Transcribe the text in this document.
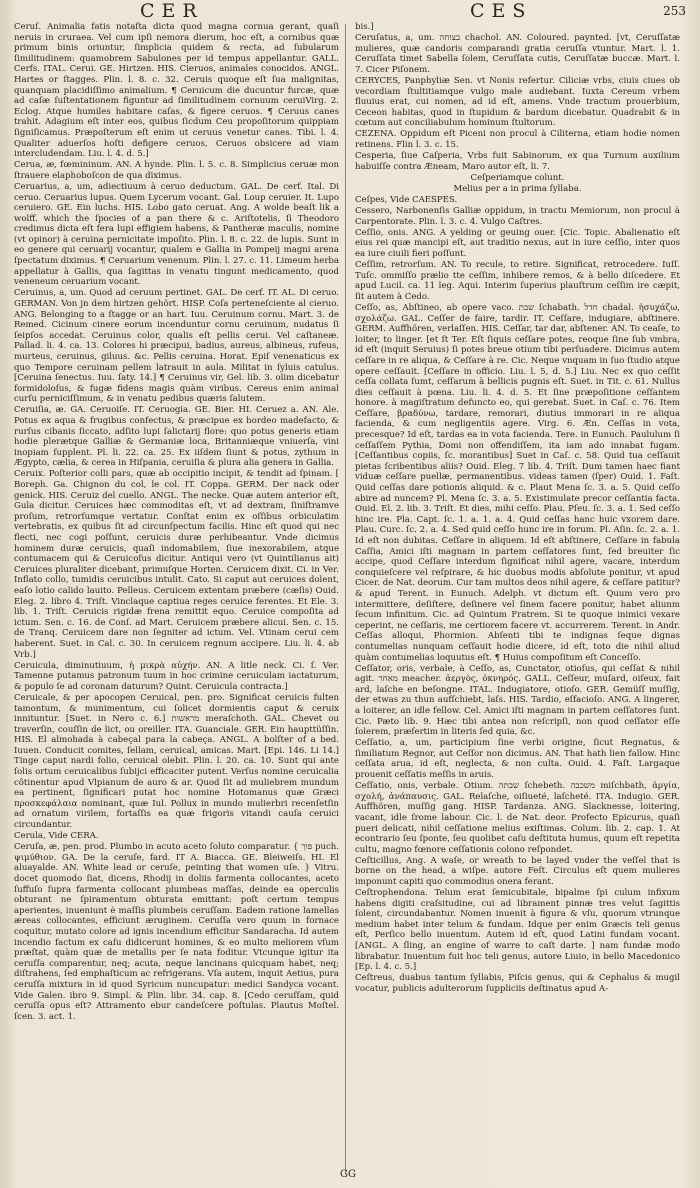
CER	CES	253

Ceruſ. Animalia fatis notaſta dicta quod magna cornua gerant, quaſi neruis in cruraea. Vel cum ipſi nemora dierum, hoc eſt, a cornibus quæ primum binis oriuntur, ſimplicia quidem & recta, ad ſubularum ſimilitudinem: quamobrem Sabulones per id tempus appellantur. GALL. Cerfs. ITAL. Cerui. GE. Hirtzen. HIS. Cieruos, animales conocidos. ANGL. Hartes or ſtagges. Plin. l. 8. c. 32. Ceruis quoque eſt ſua malignitas, quanquam placidiſſimo animalium. ¶ Ceruicum die ducuntur furcæ, quæ ad caſæ ſuſtentationem figuntur ad ſimilitudinem cornuum ceruiVirg. 2. Eclog. Atque humiles habitare caſas, & figere ceruos. ¶ Ceruus canes trahit. Adagium eſt inter eos, quibus ſicdum Ceu propoſitorum quippiam ſigniſicamus. Præpoſterum eſt enim ut ceruus venetur canes. Tibi. l. 4. Qualiter aduerſos hoſti defigere ceruos, Ceruos obsicere ad viam intercludendam. Liu. l. 4. d. 5.]

Cerua, æ, fœmininum. AN. A hynde. Plin. l. 5. c. 8. Simplicius ceruæ mon ſtrauere elaphoboſcon de qua diximus.

Ceruarius, a, um, adiectiuum à ceruo deductum. GAL. De cerf. Ital. Di ceruo. Ceruarius lupus. Quem Lycerum vocant. Gal. Loup ceruier. It. Lupo ceruiero. GE. Ein luchs. HIS. Lobo gato ceruat. Ang. A wolde beaſt lik a wolff. which the ſpocies of a pan there & c. Ariſtotelis, ſi Theodoro credimus dicta eſt fera lupi effigiem habens, & Pantheræ maculis, nomine (vt opinor) à ceruina pernicitate impoſito. Plin. l. 8. c. 22. de lupis. Sunt in eo genere qui ceruarij vocantur, qualem e Gallia in Pompeij magni arena ſpectatum diximus. ¶ Ceruarium venenum. Plin. l. 27. c. 11. Limeum herba appellatur à Gallis, qua ſagittas in venatu tingunt medicamento, quod veneneum ceruarium vocant.

Ceruinus, a, um. Quod ad ceruum pertinet. GAL. De cerf. IT. AL. Di ceruo. GERMAN. Von jn dem hirtzen gehört. HISP. Coſa perteneſciente al cieruo. ANG. Belonging to a ſtagge or an hart. Iuu. Ceruinum cornu. Mart. 3. de Remed. Cicinum cinere eorum incenduntur cornu ceruinum, nudatus ſi ſeipſos accedat. Ceruinus color, qualis eſt pellis cerui. Vel caſtaneæ. Pallad. li. 4. ca. 13. Colores hi præcipui, badius, aureus, albineus, rufeus, murteus, ceruinus, giluus. &c. Pellis ceruina. Horat. Epiſ venenaticus ex quo Tempore ceruinam pellem latrauit in aula. Militat in ſyluis catulus. [Ceruina ſenectus. Iuu. ſaty. 14.] ¶ Ceruinus vir, Gel. lib. 3. olim dicebatur formidoloſus, & fugæ fidens magis quàm viribus. Cereus enim animal curſu perniciſſimum, & in venatu pedibus quæris ſalutem.

Ceruiſia, æ. GA. Ceruoiſe. IT. Ceruogia. GE. Bier. HI. Ceruez a. AN. Ale. Potus ex aqua & frugibus confectus, & præcipue ex hordeo madefacto, & rurſus cibanis ſiccato, adſito lupi ſalictarij flore: quo potus generis etiam hodie plerætque Galliæ & Germaniæ loca, Britanniæque vniuerſa, vini inopiam ſupplent. Pl. li. 22. ca. 25. Ex iiſdem ſiunt & potus, zythum in Ægypto, cælia, & cerea in Hiſpania, ceruiſia & plura alia genera in Gallia.

Ceruix. Poſterior colli pars, quæ ab occipitio incipit, & tendit ad ſpinam. [ Boreph. Ga. Chignon du col, le col. IT. Coppa. GERM. Der nack oder genick. HIS. Ceruiz del cuello. ANGL. The necke. Quæ autem anterior eſt, Gula dicitur. Ceruices hæc commoditas eſt, vt ad dextram, ſiniſtramve proſum, retrorſumque vertatur. Conſtat enim ex oſſibus orbiculatim vertebratis, ex quibus ſit ad circunſpectum facilis. Hinc eſt quod qui nec flecti, nec cogi poſſunt, ceruicis duræ perhibeantur. Vnde dicimus hominem duræ ceruicis, quaſi indomabilem, ſiue inexorabilem, atque contumacem qui & Ceruicoſus dicitur. Antiqui vero (vt Quintilianus ait) Ceruices pluraliter dicebant, primuſque Horten. Ceruicem dixit. Ci. in Ver. Inflato collo, tumidis ceruicibus intulit. Cato. Si caput aut ceruices dolent, eaſo lotio calido lauito. Pelleus. Ceruicem extentam præbere (cæſis) Ouid. Eleg. 2. libro 4. Triſt. Vinclaque captiua reges ceruice ferentes. Et Ele. 3. lib. 1. Triſt. Ceruicis rigidæ frena remittit equo. Ceruice compoſita ad ictum. Sen. c. 16. de Conſ. ad Mart. Ceruicem præbere alicui. Sen. c. 15. de Tranq. Ceruicem dare non ſegniter ad ictum. Vel. Vtinam cerui cem haberent. Suet. in Cal. c. 30. In ceruicem regnum accipere. Liu. li. 4. ab Vrb.]

Ceruicula, diminutiuum, ἡ μικρὰ αὐχήν. AN. A litle neck. Ci. ſ. Ver. Tamenne putamus patronum tuum in hoc crimine ceruiculam iactaturum, & populo ſe ad coronam daturum? Quint. Ceruicula contracta.]

Ceruicale, & per apocopen Ceruical, pen. pro. Significat ceruicis fulten tamontum, & munimentum, cui ſolicet dormientis caput & ceruix innituntur. [Suet. in Nero c. 6.] מראשות meraſchoth. GAL. Chevet ou traverſin, couſſin de lict, ou oreiller. ITA. Guanciale. GER. Ein haupttüſſin. HIS. El almohada à cabeçal para la cabeça. ANGL. A bolſter of a bed. Iuuen. Conducit comites, ſellam, ceruical, amicas. Mart. [Epi. 146. Li 14.] Tinge caput nardi folio, ceruical olebit. Plin. l. 20. ca. 10. Sunt qui ante ſolis ortum ceruicalibus ſubijci efficaciter putent. Verſus nomine ceruicalia côtinentur apud Vlpianum de auro & ar. Quod ſit ad muliebrem mundum ea pertinent, ſignificari putat hoc nomine Hotomanus quæ Græci προσκεφάλαια nominant, quæ Iul. Pollux in mundo mulierbri recenſetſin ad ornatum virilem, fortaſſis ea quæ frigoris vitandi cauſa ceruici circundantur.

Cerula, Vide CERA.

Ceruſa, æ, pen. prod. Plumbo in acuto aceto ſoluto comparatur. { פוך puch. ψιμύθιον. GA. De la ceruſe, fard. IT A. Biacca. GE. Bleiweiſs. HI. El aluayalde. AN. White lead or ceruſe, peinting that women uſe. } Vitru. docet quomodo ſiat, dicens, Rhodij in doliis farmenta collocantes, aceto ſuffuſo ſupra farmenta collocant plumbeas maſſas, deinde ea operculis obturant ne ſpiramentum obturata emittant: poſt certum tempus aperientes, inueniunt è maſſis plumbeis ceruſſam. Eadem ratione lamellas æreas collocantes, efficiunt æruginem. Ceruſſa vero quum in fornace coquitur, mutato colore ad ignis incendium efficitur Sandaracha. Id autem incendio factum ex caſu didicerunt homines, & eo multo meliorem vſum præſtat, quàm quæ de metallis per ſe nata foditur. Vtcunque igitur ita ceruſſa comparentur, neq; acuta, neque lancinans quicquam habet, neq; diſtrahens, ſed emphaſticum ac refrigerans. Vſa autem, inquit Aetius, pura ceruſſa mixtura in id quod Syricum nuncupatur: medici Sandyca vocant. Vide Galen. ibro 9. Simpl. & Plin. libr. 34. cap. 8. [Cedo ceruſſam, quid ceruſſa opus eſt? Attramento ebur candeſcere poſtulas. Plautus Moſtel. ſcen. 3. act. 1.

bis.]

Ceruſatus, a, um. בצוחה chachol. AN. Coloured. paynted. [vt, Ceruſſatæ mulieres, quæ candoris comparandi gratia ceruſſa vtuntur. Mart. l. 1. Ceruſſata timet Sabella ſolem, Ceruſſata cutis, Ceruſſatæ buccæ. Mart. l. 7. Cicer Piſonem.

CERYCES, Panphyliæ Sen. vt Nonis refertur. Ciliciæ vrbs, ciuis ciues ob vecordiam ſtultitiamque vulgo male audiebant. Iuxta Cereum vrbem fluuius erat, cui nomen, ad id eſt, amens. Vnde tractum prouerbium, Ceceon habitas, quod in ſtupidum & bardum dicebatur. Quadrabit & in cœtum aut conciliabulum hominum ſtultorum.

CEZENA. Oppidum eſt Piceni non procul à Ciliterna, etiam hodie nomen retinens. Flin l. 3. c. 15.

Cesperia, ſiue Caſperia, Vrbs fuit Sabinorum, ex qua Turnum auxilium habuiſſe contra Æneam, Maro autor eſt, li. 7.

Ceſperiamque colunt.

Melius per a in prima ſyllaba.

Ceſpes, Vide CAESPES.

Cessero, Narbonenſis Galliæ oppidum, in tractu Memiorum, non procul à Carpentorate. Plin. l. 3. c. 4. Vulgo Caſtres.

Ceſſio, onis. ANG. A yelding or geuing ouer. [Cic. Topic. Abalienatio eſt eius rei quæ mancipi eſt, aut traditio nexus, aut in iure ceſſio, inter quos ea iure ciuili fieri poſſunt.

Ceſſim, retrorſum. AN. To recule, to retire. Significat, retrocedere. Iuſſ. Tuſc. ommiſſo prælio tte ceſſim, inhibere remos, & à bello diſcedere. Et apud Lucil. ca. 11 leg. Aqui. Interim ſuperius plauſtrum ceſſim ire cæpit, ſit autem à Cedo.

Ceſſo, as, Abſtineo, ab opere vaco. שבת ſchabath. חדל chadal. ἡσυχάζω, σχολάζω. GAL. Ceſſer de faire, tardir. IT. Ceſſare, indugiare, abſtinere. GERM. Auffhören, verlaſſen. HIS. Ceſſar, tar dar, abſtener. AN. To ceaſe, to loiter, to linger. [et ſt Ter. Eſt ſiquis ceſſare potes, reoque ſine ſub vmbra, id eſt (inquit Seruius) ſi potes breue otium tibi perſuadere. Dicimus autem ceſſare in re aliqua, & Ceſſare à re. Cic. Neque vnquam in ſuo ſtudio atque opere ceſſauit. [Ceſſare in officio. Liu. l. 5, d. 5.] Liu. Nec ex quo ceſſit ceſſa collata ſumt, ceſſarum à bellicis pugnis eſt. Suet. in Tit. c. 61. Nullus dies ceſſauit à pœna. Liu. li. 4. d. 5. Et ſine præpoſitione ceſſantem honore. à magiſtratum defuncto eo, qui gerebat. Suet. in Caſ. c. 76. Item Ceſſare, βραδύνω, tardare, remorari, diutius immorari in re aliqua facienda, & cum negligentiis agere. Virg. 6. Æn. Ceſſas in vota, precesque? Id eſt, tardas ea in vota facienda. Tere. in Eunuch. Paululum ſi ceſſaſſem Pythia, Domi non offendiſſem, ita iam ado innabat fugam. [Ceſſantibus copiis, ſc. morantibus] Suet in Caſ. c. 58. Quid tua ceſſauit pietas ſcribentibus aliis? Ouid. Eleg. 7 lib. 4. Triſt. Dum tamen haec fiant viduæ ceſſare puellæ, permanentibus. videas tamen (ſper) Ouid. 1. Faſt. Quid ceſſas dare potionis aliquid. & c. Plaut Mena ſc. 3. a. 5. Quid ceſſo abire ad nuncem? Pl. Mena ſc. 3. a. 5. Existimulate precor ceſſantia facta. Ouid. El. 2. lib. 3. Triſt. Et dies, mihi ceſſo. Plau. Pſeu. ſc. 3. a. 1. Sed ceſſo hinc ire. Pla. Capt. ſc. 1. a. 1. a. 4. Quid ceſſas hanc huic vxorem dare. Plau. Curc. ſc. 2. a. 4. Sed quid ceſſo hunc ire in forum. Pl. Aſin. ſc. 2. a. 1. Id eſt non dubitas. Ceſſare in aliquem. Id eſt abſtinere, Ceſſare in fabula Caſſia, Amici iſti magnam in partem ceſſatores ſunt, ſed breuiter ſic accipe, quod Ceſſare interdum ſignificat nihil agere, vacare, interdum conquieſcere vel reſpirare, & hic duobus modis abſolute ponitur, vt apud Cicer. de Nat. deorum. Cur tam multos deos nihil agere, & ceſſare patitur? & apud Terent. in Eunuch. Adelph. vt dictum eſt. Quum vero pro intermittere, deſiſtere, deſinere vel ſinem facere ponitur, habet aliunm ſecum infinitum. Cic. ad Quintum Fratrem. Si te quoque inimici vexare ceperint, ne ceſſaris, me certiorem facere vt. accurrerem. Terent. in Andr. Ceſſas alloqui, Phormion. Abſenti tibi te indignas ſeque dignas contumelias nunquam ceſſauit hodie dicere, id eſt, toto die nihil aliud quàm contumelias loquutus eſt. ¶ Huius compoſitum eſt Conceſſo.

Ceſſator, oris, verbale, à Ceſſo, as, Cunctator, otioſus, qui ceſſat & nihil agit. מאחר meacher. ἀεργὸς, ὀκνηρός. GALL. Ceſſeur, muſard, oiſeux, fait ard, laſche en beſongne. ITAL. Indugiatore, otioſo. GER. Gemüſſ muſſig, der etwas zu thun aufſchiebt, laſs. HIS. Tardio, eſfacioſo. ANG. A lingerer, a loiterer, an idle fellow. Cel. Amici iſti magnam in partem ceſſatores ſunt. Cic. Pæto lib. 9. Hæc tibi antea non reſcripſi, non quod ceſſator eſſe ſolerem, præſertim in literis ſed quia, &c.

Ceſſatio, a, um, participium ſine verbi origine, ſicut Regnatus, & ſimiliatum Regnor, aut Ceſſor non dicimus. AN. That hath lien fallow. Hinc ceſſata arua, id eſt, neglecta, & non culta. Ouid. 4. Faſt. Largaque prouenit ceſſatis meſſis in aruis.

Ceſſatio, onis, verbale. Otium. שבתה ſchebeth. משכבה miſchbath, ἀργία, σχολή, ἀνάπαυσις. GAL. Relaſche, oiſiueté, laſcheté. ITA. Indugio. GER. Auffhören, muſſig gang. HISP. Tardanza. ANG. Slacknesse, loitering, vacant, idle ſrome labour. Cic. l. de Nat. deor. Profecto Epicurus, quaſi pueri delicati, nihil ceſſatione melius exiſtimas. Colum. lib. 2. cap. 1. At econtrario ſeu ſponte, ſeu quolibet caſu deſtituta humus, quum eſt repetita cultu, magno fœnore ceſſationis colono reſpondet.

Ceſticillus, Ang. A waſe, or wreath to be layed vnder the veſſel that is borne on the head, a wiſpe. autore Feſt. Circulus eſt quem mulieres imponunt capiti quo commodius onera ferant.

Ceſtrophendona. Telum erat ſemicubitale, bipalme ſpi culum infixum habens digiti craſsitudine, cui ad librament pinnæ tres velut ſagittis ſolent, circundabantur. Nomen inuenit à figura & vſu, quorum vtrunque medium habet inter telum & fundam. Idque per enim Græcis teli genus eſt, Perſico bello inuentum. Autem id eſt, quod Latini fundam vocant. [ANGL. A ſling, an engine of warre to caſt darte. ] nam fundæ modo librabatur. Inuentum fuit hoc teli genus, autore Liuio, in bello Macedonico [Ep. l. 4. c. 5.]

Ceſtreus, duabus tantum ſyllabis, Piſcis genus, qui & Cephalus & mugil vocatur, publicis adulterorum ſuppliciis deſtinatus apud A-

GG
